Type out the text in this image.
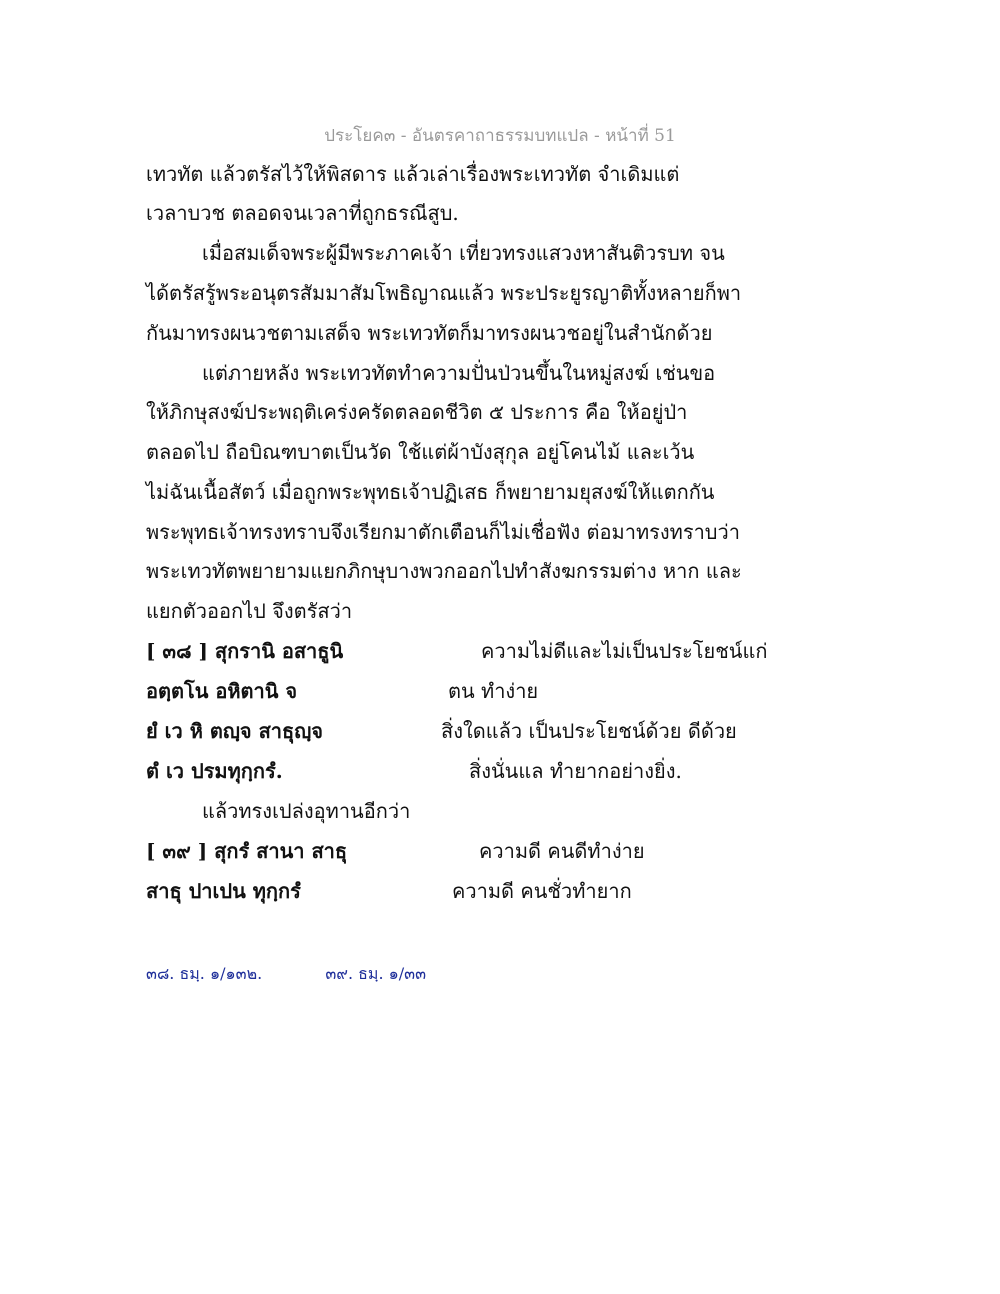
ประโยค๓ - อันตรคาถาธรรมบทแปล - หน้าที่ 51
เทวทัต แล้วตรัสไว้ให้พิสดาร แล้วเล่าเรื่องพระเทวทัต จำเดิมแต่
เวลาบวช ตลอดจนเวลาที่ถูกธรณีสูบ.
เมื่อสมเด็จพระผู้มีพระภาคเจ้า เที่ยวทรงแสวงหาสันติวรบท จน
ได้ตรัสรู้พระอนุตรสัมมาสัมโพธิญาณแล้ว พระประยูรญาติทั้งหลายก็พา
กันมาทรงผนวชตามเสด็จ พระเทวทัตก็มาทรงผนวชอยู่ในสำนักด้วย
แต่ภายหลัง พระเทวทัตทำความปั่นป่วนขึ้นในหมู่สงฆ์ เช่นขอ
ให้ภิกษุสงฆ์ประพฤติเคร่งครัดตลอดชีวิต ๕ ประการ คือ ให้อยู่ป่า
ตลอดไป ถือบิณฑบาตเป็นวัด ใช้แต่ผ้าบังสุกุล อยู่โคนไม้ และเว้น
ไม่ฉันเนื้อสัตว์ เมื่อถูกพระพุทธเจ้าปฏิเสธ ก็พยายามยุสงฆ์ให้แตกกัน
พระพุทธเจ้าทรงทราบจึงเรียกมาตักเตือนก็ไม่เชื่อฟัง ต่อมาทรงทราบว่า
พระเทวทัตพยายามแยกภิกษุบางพวกออกไปทำสังฆกรรมต่าง หาก และ
แยกตัวออกไป จึงตรัสว่า
[ ๓๘ ] สุกรานิ อสาธูนิ	ความไม่ดีและไม่เป็นประโยชน์แก่
อตฺตโน อหิตานิ จ	ตน ทำง่าย
ยํ เว หิ ตญฺจ สาธุญฺจ	สิ่งใดแล้ว เป็นประโยชน์ด้วย ดีด้วย
ตํ เว ปรมทุกฺกรํ.	สิ่งนั่นแล ทำยากอย่างยิ่ง.
แล้วทรงเปล่งอุทานอีกว่า
[ ๓๙ ] สุกรํ สานา สาธุ	ความดี คนดีทำง่าย
สาธุ ปาเปน ทุกฺกรํ	ความดี คนชั่วทำยาก
๓๘. ธมฺ. ๑/๑๓๒.	๓๙. ธมฺ. ๑/๓๓
